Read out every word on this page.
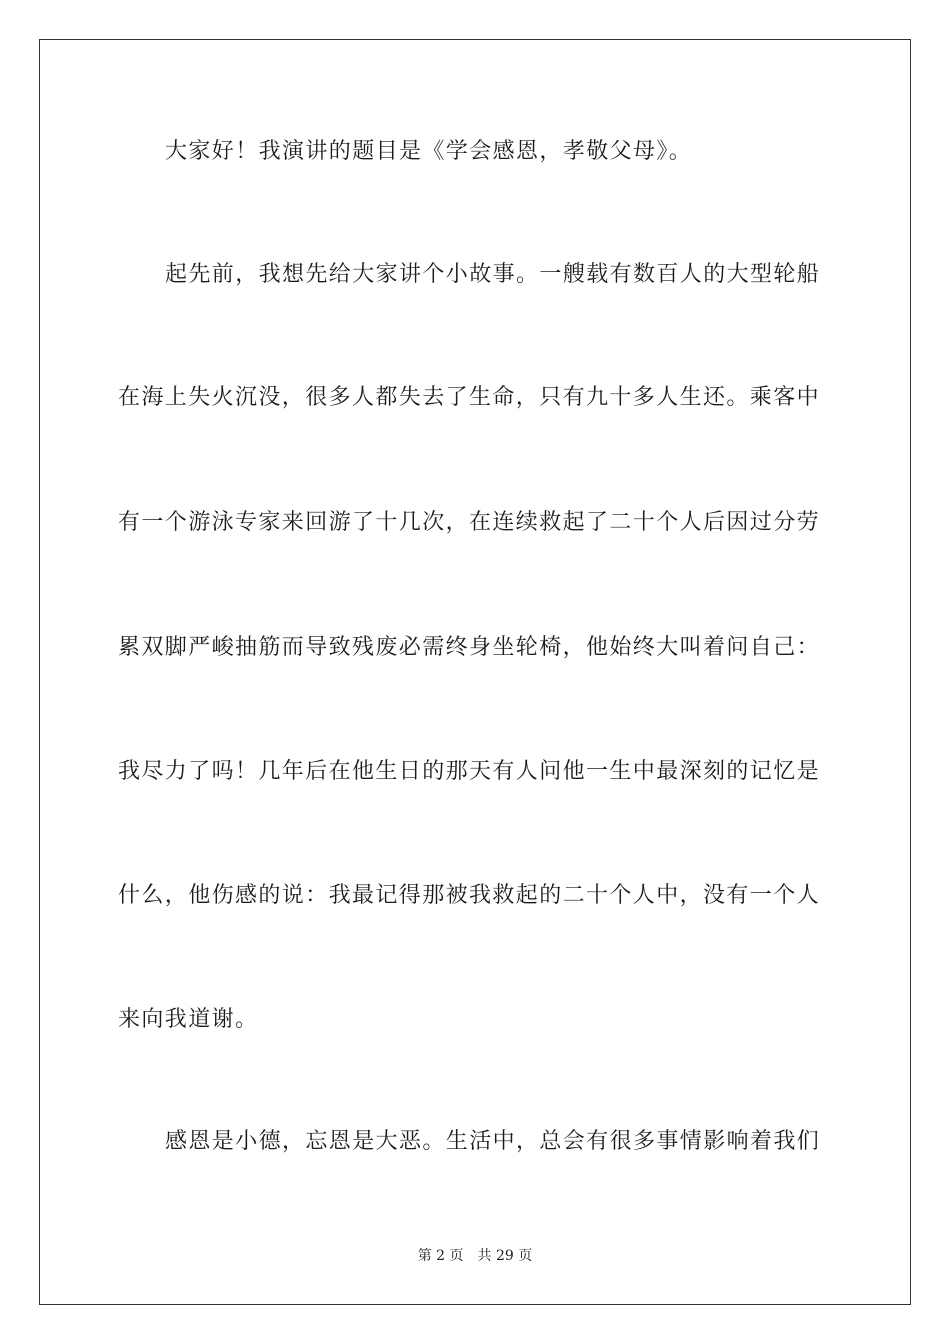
大家好！我演讲的题目是《学会感恩，孝敬父母》。
起先前，我想先给大家讲个小故事。一艘载有数百人的大型轮船
在海上失火沉没，很多人都失去了生命，只有九十多人生还。乘客中
有一个游泳专家来回游了十几次，在连续救起了二十个人后因过分劳
累双脚严峻抽筋而导致残废必需终身坐轮椅，他始终大叫着问自己：
我尽力了吗！几年后在他生日的那天有人问他一生中最深刻的记忆是
什么，他伤感的说：我最记得那被我救起的二十个人中，没有一个人
来向我道谢。
感恩是小德，忘恩是大恶。生活中，总会有很多事情影响着我们
第 2 页 共 29 页
